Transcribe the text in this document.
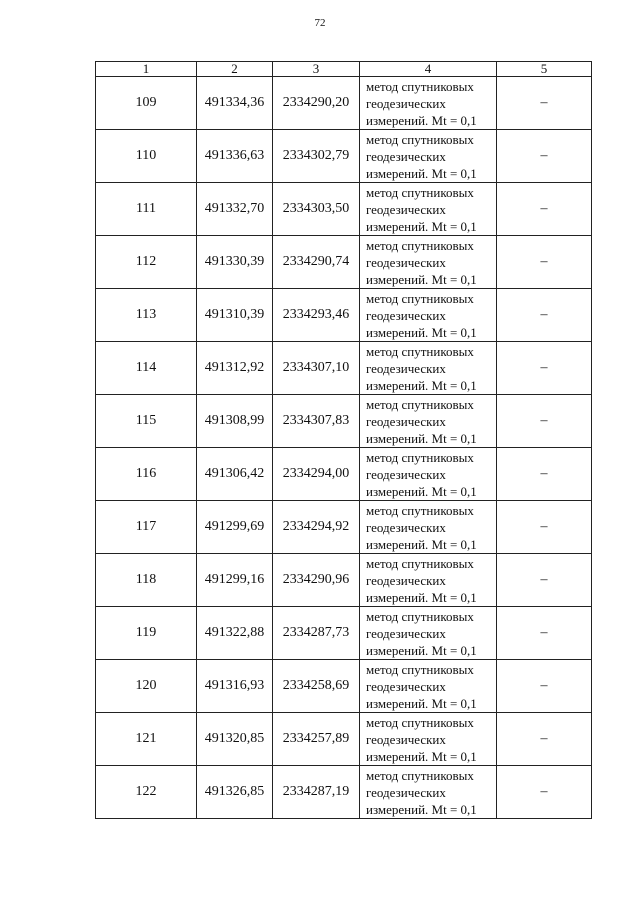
72
1	2	3	4	5
109	491334,36	2334290,20	метод спутниковых
геодезических
измерений. Mt = 0,1	–
110	491336,63	2334302,79	метод спутниковых
геодезических
измерений. Mt = 0,1	–
111	491332,70	2334303,50	метод спутниковых
геодезических
измерений. Mt = 0,1	–
112	491330,39	2334290,74	метод спутниковых
геодезических
измерений. Mt = 0,1	–
113	491310,39	2334293,46	метод спутниковых
геодезических
измерений. Mt = 0,1	–
114	491312,92	2334307,10	метод спутниковых
геодезических
измерений. Mt = 0,1	–
115	491308,99	2334307,83	метод спутниковых
геодезических
измерений. Mt = 0,1	–
116	491306,42	2334294,00	метод спутниковых
геодезических
измерений. Mt = 0,1	–
117	491299,69	2334294,92	метод спутниковых
геодезических
измерений. Mt = 0,1	–
118	491299,16	2334290,96	метод спутниковых
геодезических
измерений. Mt = 0,1	–
119	491322,88	2334287,73	метод спутниковых
геодезических
измерений. Mt = 0,1	–
120	491316,93	2334258,69	метод спутниковых
геодезических
измерений. Mt = 0,1	–
121	491320,85	2334257,89	метод спутниковых
геодезических
измерений. Mt = 0,1	–
122	491326,85	2334287,19	метод спутниковых
геодезических
измерений. Mt = 0,1	–
